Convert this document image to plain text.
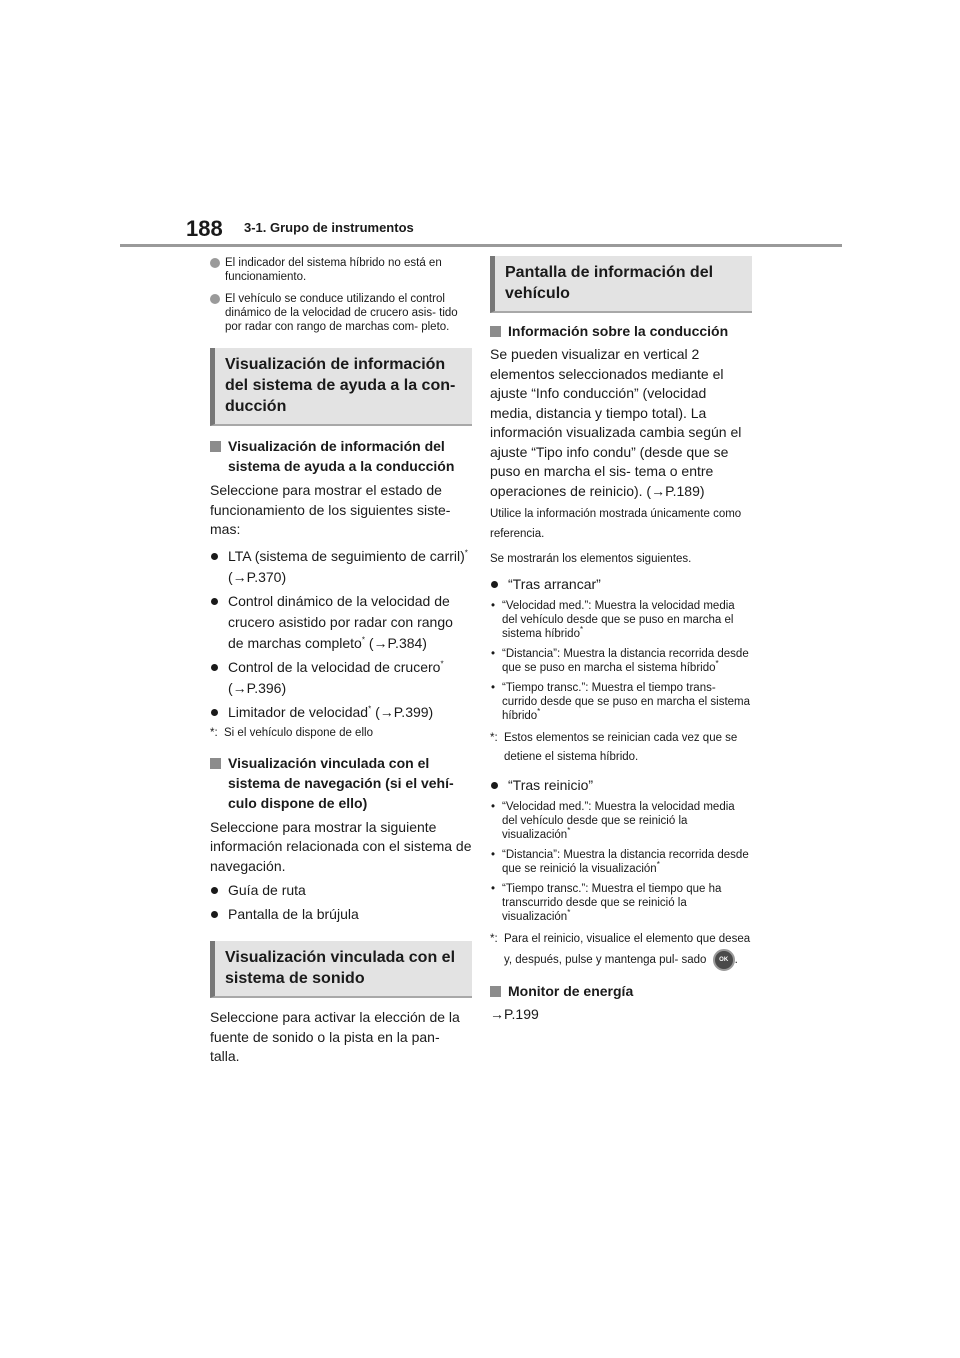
188 3-1. Grupo de instrumentos
El indicador del sistema híbrido no está en funcionamiento.
El vehículo se conduce utilizando el control dinámico de la velocidad de crucero asis- tido por radar con rango de marchas com- pleto.
Visualización de información del sistema de ayuda a la con- ducción
Visualización de información del sistema de ayuda a la conducción
Seleccione para mostrar el estado de funcionamiento de los siguientes siste- mas:
LTA (sistema de seguimiento de carril)* (→P.370)
Control dinámico de la velocidad de crucero asistido por radar con rango de marchas completo* (→P.384)
Control de la velocidad de crucero* (→P.396)
Limitador de velocidad* (→P.399)
*: Si el vehículo dispone de ello
Visualización vinculada con el sistema de navegación (si el vehí- culo dispone de ello)
Seleccione para mostrar la siguiente información relacionada con el sistema de navegación.
Guía de ruta
Pantalla de la brújula
Visualización vinculada con el sistema de sonido
Seleccione para activar la elección de la fuente de sonido o la pista en la pan- talla.
Pantalla de información del vehículo
Información sobre la conducción
Se pueden visualizar en vertical 2 elementos seleccionados mediante el ajuste “Info conducción” (velocidad media, distancia y tiempo total). La información visualizada cambia según el ajuste “Tipo info condu” (desde que se puso en marcha el sis- tema o entre operaciones de reinicio). (→P.189)
Utilice la información mostrada únicamente como referencia.
Se mostrarán los elementos siguientes.
“Tras arrancar”
• “Velocidad med.”: Muestra la velocidad media del vehículo desde que se puso en marcha el sistema híbrido*
• “Distancia”: Muestra la distancia recorrida desde que se puso en marcha el sistema híbrido*
• “Tiempo transc.”: Muestra el tiempo trans- currido desde que se puso en marcha el sistema híbrido*
*: Estos elementos se reinician cada vez que se detiene el sistema híbrido.
“Tras reinicio”
• “Velocidad med.”: Muestra la velocidad media del vehículo desde que se reinició la visualización*
• “Distancia”: Muestra la distancia recorrida desde que se reinició la visualización*
• “Tiempo transc.”: Muestra el tiempo que ha transcurrido desde que se reinició la visualización*
*: Para el reinicio, visualice el elemento que desea y, después, pulse y mantenga pul- sado OK .
Monitor de energía
→P.199
